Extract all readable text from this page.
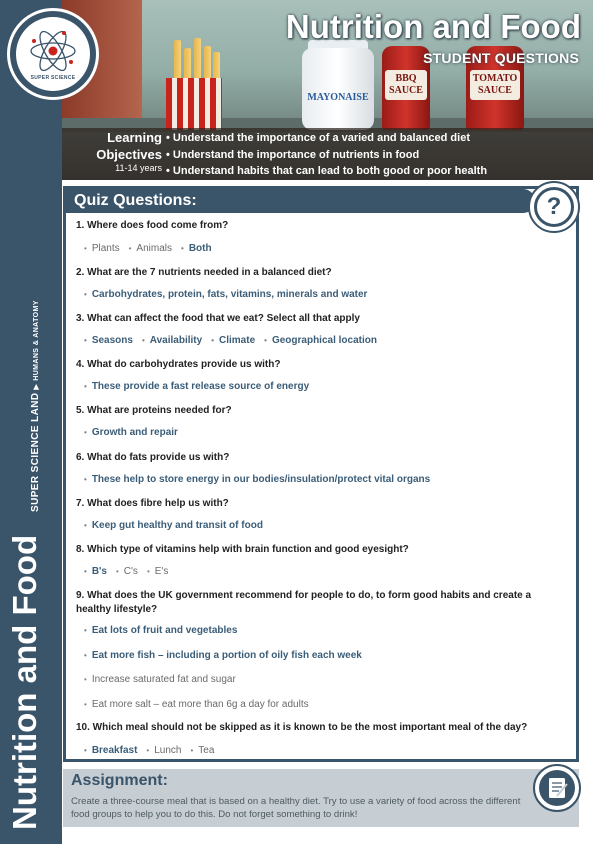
Nutrition and Food
SUPER SCIENCE LAND▶HUMANS & ANATOMY
SUPER SCIENCE
MAYONAISE
BBQ SAUCE
TOMATO SAUCE
Nutrition and Food
STUDENT QUESTIONS
Learning
Objectives
11-14 years
• Understand the importance of a varied and balanced diet
• Understand the importance of nutrients in food
• Understand habits that can lead to both good or poor health
Quiz Questions:	?
1. Where does food come from?
• Plants • Animals • Both
2. What are the 7 nutrients needed in a balanced diet?
• Carbohydrates, protein, fats, vitamins, minerals and water
3. What can affect the food that we eat? Select all that apply
• Seasons • Availability • Climate • Geographical location
4. What do carbohydrates provide us with?
• These provide a fast release source of energy
5. What are proteins needed for?
• Growth and repair
6. What do fats provide us with?
• These help to store energy in our bodies/insulation/protect vital organs
7. What does fibre help us with?
• Keep gut healthy and transit of food
8. Which type of vitamins help with brain function and good eyesight?
• B's • C's • E's
9. What does the UK government recommend for people to do, to form good habits and create a healthy lifestyle?
• Eat lots of fruit and vegetables
• Eat more fish – including a portion of oily fish each week
• Increase saturated fat and sugar
• Eat more salt – eat more than 6g a day for adults
10. Which meal should not be skipped as it is known to be the most important meal of the day?
• Breakfast • Lunch • Tea
Assignment:
Create a three-course meal that is based on a healthy diet. Try to use a variety of food across the different food groups to help you to do this. Do not forget something to drink!
